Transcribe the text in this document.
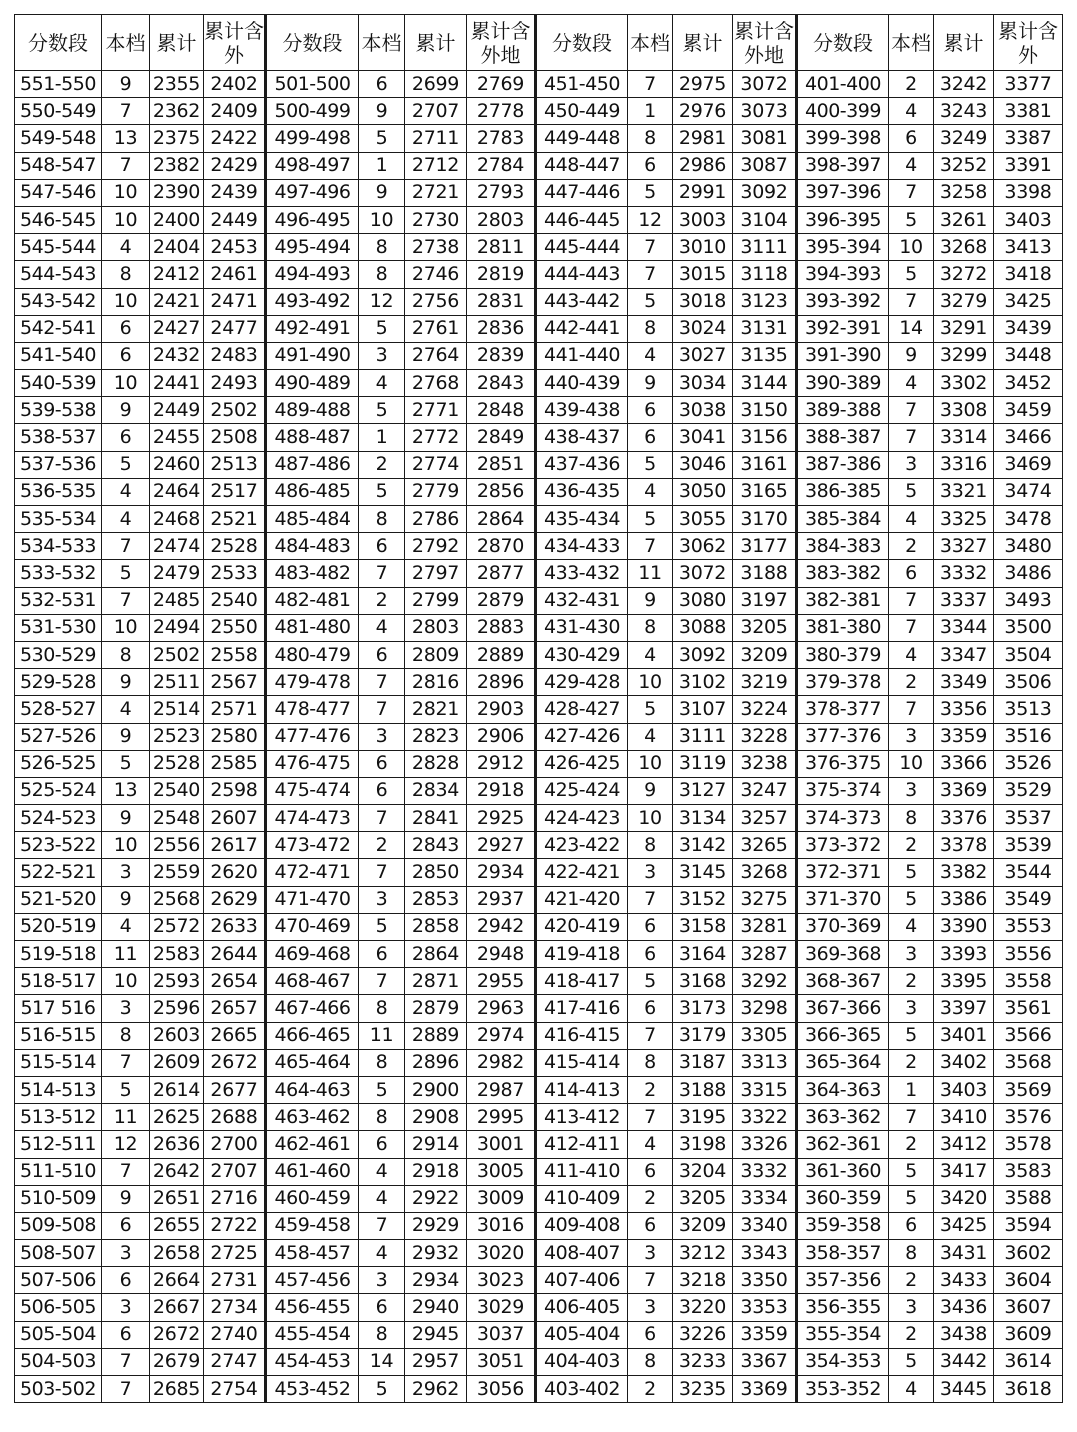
分数段	本档	累计	累计含外	分数段	本档	累计	累计含外地	分数段	本档	累计	累计含外地	分数段	本档	累计	累计含外
551-550	9	2355	2402	501-500	6	2699	2769	451-450	7	2975	3072	401-400	2	3242	3377
550-549	7	2362	2409	500-499	9	2707	2778	450-449	1	2976	3073	400-399	4	3243	3381
549-548	13	2375	2422	499-498	5	2711	2783	449-448	8	2981	3081	399-398	6	3249	3387
548-547	7	2382	2429	498-497	1	2712	2784	448-447	6	2986	3087	398-397	4	3252	3391
547-546	10	2390	2439	497-496	9	2721	2793	447-446	5	2991	3092	397-396	7	3258	3398
546-545	10	2400	2449	496-495	10	2730	2803	446-445	12	3003	3104	396-395	5	3261	3403
545-544	4	2404	2453	495-494	8	2738	2811	445-444	7	3010	3111	395-394	10	3268	3413
544-543	8	2412	2461	494-493	8	2746	2819	444-443	7	3015	3118	394-393	5	3272	3418
543-542	10	2421	2471	493-492	12	2756	2831	443-442	5	3018	3123	393-392	7	3279	3425
542-541	6	2427	2477	492-491	5	2761	2836	442-441	8	3024	3131	392-391	14	3291	3439
541-540	6	2432	2483	491-490	3	2764	2839	441-440	4	3027	3135	391-390	9	3299	3448
540-539	10	2441	2493	490-489	4	2768	2843	440-439	9	3034	3144	390-389	4	3302	3452
539-538	9	2449	2502	489-488	5	2771	2848	439-438	6	3038	3150	389-388	7	3308	3459
538-537	6	2455	2508	488-487	1	2772	2849	438-437	6	3041	3156	388-387	7	3314	3466
537-536	5	2460	2513	487-486	2	2774	2851	437-436	5	3046	3161	387-386	3	3316	3469
536-535	4	2464	2517	486-485	5	2779	2856	436-435	4	3050	3165	386-385	5	3321	3474
535-534	4	2468	2521	485-484	8	2786	2864	435-434	5	3055	3170	385-384	4	3325	3478
534-533	7	2474	2528	484-483	6	2792	2870	434-433	7	3062	3177	384-383	2	3327	3480
533-532	5	2479	2533	483-482	7	2797	2877	433-432	11	3072	3188	383-382	6	3332	3486
532-531	7	2485	2540	482-481	2	2799	2879	432-431	9	3080	3197	382-381	7	3337	3493
531-530	10	2494	2550	481-480	4	2803	2883	431-430	8	3088	3205	381-380	7	3344	3500
530-529	8	2502	2558	480-479	6	2809	2889	430-429	4	3092	3209	380-379	4	3347	3504
529-528	9	2511	2567	479-478	7	2816	2896	429-428	10	3102	3219	379-378	2	3349	3506
528-527	4	2514	2571	478-477	7	2821	2903	428-427	5	3107	3224	378-377	7	3356	3513
527-526	9	2523	2580	477-476	3	2823	2906	427-426	4	3111	3228	377-376	3	3359	3516
526-525	5	2528	2585	476-475	6	2828	2912	426-425	10	3119	3238	376-375	10	3366	3526
525-524	13	2540	2598	475-474	6	2834	2918	425-424	9	3127	3247	375-374	3	3369	3529
524-523	9	2548	2607	474-473	7	2841	2925	424-423	10	3134	3257	374-373	8	3376	3537
523-522	10	2556	2617	473-472	2	2843	2927	423-422	8	3142	3265	373-372	2	3378	3539
522-521	3	2559	2620	472-471	7	2850	2934	422-421	3	3145	3268	372-371	5	3382	3544
521-520	9	2568	2629	471-470	3	2853	2937	421-420	7	3152	3275	371-370	5	3386	3549
520-519	4	2572	2633	470-469	5	2858	2942	420-419	6	3158	3281	370-369	4	3390	3553
519-518	11	2583	2644	469-468	6	2864	2948	419-418	6	3164	3287	369-368	3	3393	3556
518-517	10	2593	2654	468-467	7	2871	2955	418-417	5	3168	3292	368-367	2	3395	3558
517 516	3	2596	2657	467-466	8	2879	2963	417-416	6	3173	3298	367-366	3	3397	3561
516-515	8	2603	2665	466-465	11	2889	2974	416-415	7	3179	3305	366-365	5	3401	3566
515-514	7	2609	2672	465-464	8	2896	2982	415-414	8	3187	3313	365-364	2	3402	3568
514-513	5	2614	2677	464-463	5	2900	2987	414-413	2	3188	3315	364-363	1	3403	3569
513-512	11	2625	2688	463-462	8	2908	2995	413-412	7	3195	3322	363-362	7	3410	3576
512-511	12	2636	2700	462-461	6	2914	3001	412-411	4	3198	3326	362-361	2	3412	3578
511-510	7	2642	2707	461-460	4	2918	3005	411-410	6	3204	3332	361-360	5	3417	3583
510-509	9	2651	2716	460-459	4	2922	3009	410-409	2	3205	3334	360-359	5	3420	3588
509-508	6	2655	2722	459-458	7	2929	3016	409-408	6	3209	3340	359-358	6	3425	3594
508-507	3	2658	2725	458-457	4	2932	3020	408-407	3	3212	3343	358-357	8	3431	3602
507-506	6	2664	2731	457-456	3	2934	3023	407-406	7	3218	3350	357-356	2	3433	3604
506-505	3	2667	2734	456-455	6	2940	3029	406-405	3	3220	3353	356-355	3	3436	3607
505-504	6	2672	2740	455-454	8	2945	3037	405-404	6	3226	3359	355-354	2	3438	3609
504-503	7	2679	2747	454-453	14	2957	3051	404-403	8	3233	3367	354-353	5	3442	3614
503-502	7	2685	2754	453-452	5	2962	3056	403-402	2	3235	3369	353-352	4	3445	3618
